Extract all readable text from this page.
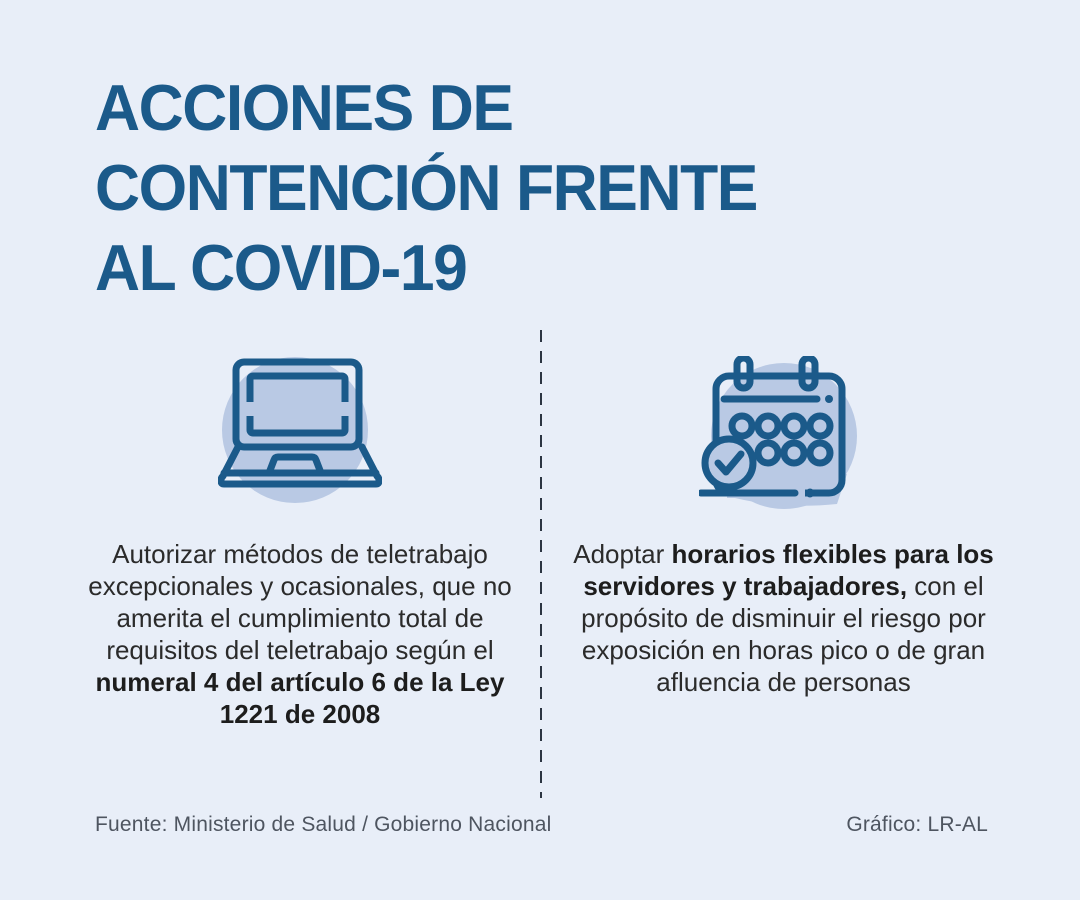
ACCIONES DE
CONTENCIÓN FRENTE
AL COVID-19

Autorizar métodos de teletrabajo excepcionales y ocasionales, que no amerita el cumplimiento total de requisitos del teletrabajo según el numeral 4 del artículo 6 de la Ley 1221 de 2008

Adoptar horarios flexibles para los servidores y trabajadores, con el propósito de disminuir el riesgo por exposición en horas pico o de gran afluencia de personas

Fuente: Ministerio de Salud / Gobierno Nacional	Gráfico: LR-AL
